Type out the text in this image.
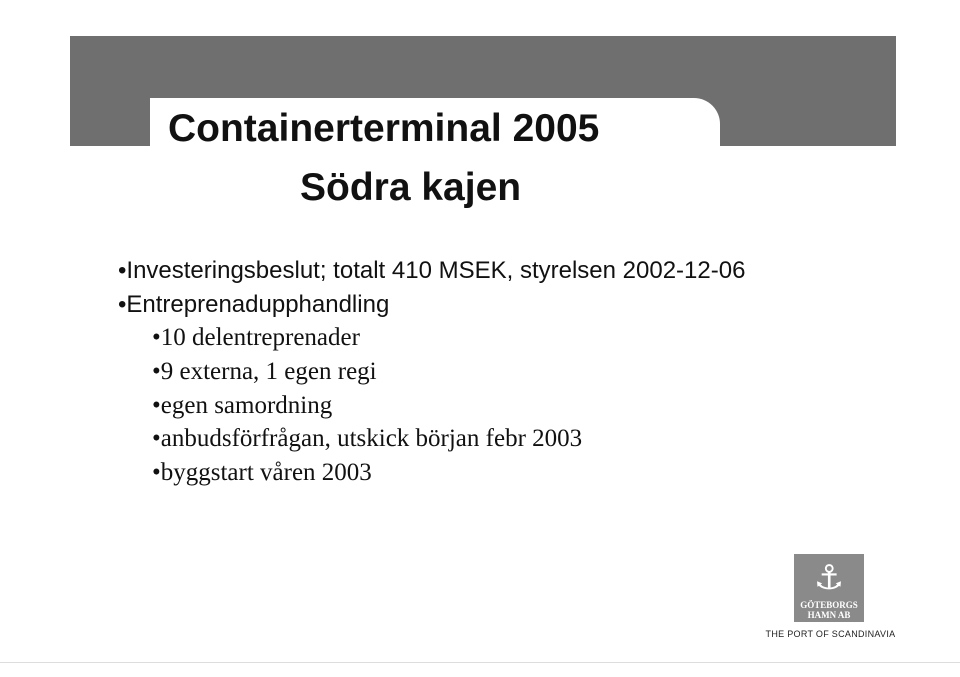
Containerterminal 2005
Södra kajen
•Investeringsbeslut; totalt 410 MSEK, styrelsen 2002-12-06
•Entreprenadupphandling
•10 delentreprenader
•9 externa, 1 egen regi
•egen samordning
•anbudsförfrågan, utskick början febr 2003
•byggstart våren 2003
⚓
GÖTEBORGS
HAMN AB
THE PORT OF SCANDINAVIA
